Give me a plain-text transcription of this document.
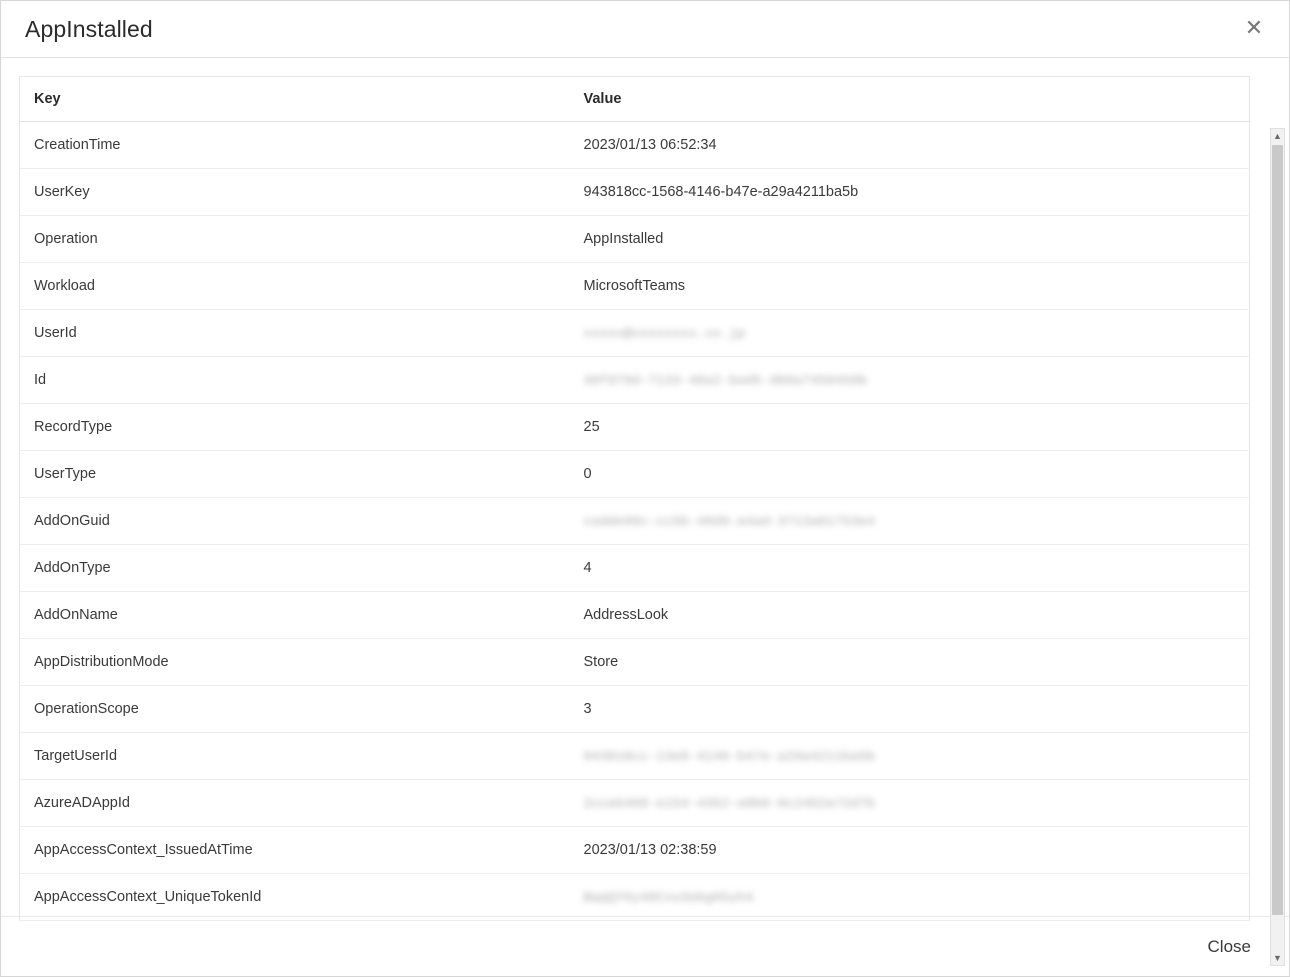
AppInstalled	✕
Key	Value
CreationTime	2023/01/13 06:52:34
UserKey	943818cc-1568-4146-b47e-a29a4211ba5b
Operation	AppInstalled
Workload	MicrosoftTeams
UserId	xxxxx@xxxxxxxx.xx.jp
Id	40fd79d-7133-40a2-bad5-d60a7450450b
RecordType	25
UserType	0
AddOnGuid	cadde90c-cc5b-40d9-a4ad-3713a01753e4
AddOnType	4
AddOnName	AddressLook
AppDistributionMode	Store
OperationScope	3
TargetUserId	943818cc-13e8-4146-b47e-a29a4211ba5b
AzureADAppId	2cca5468-e154-4352-a9b0-0c2452a72d7b
AppAccessContext_IssuedAtTime	2023/01/13 02:38:59
AppAccessContext_UniqueTokenId	BqqQY6y40Cxu3ebg05yh4
▲
▼
Close
